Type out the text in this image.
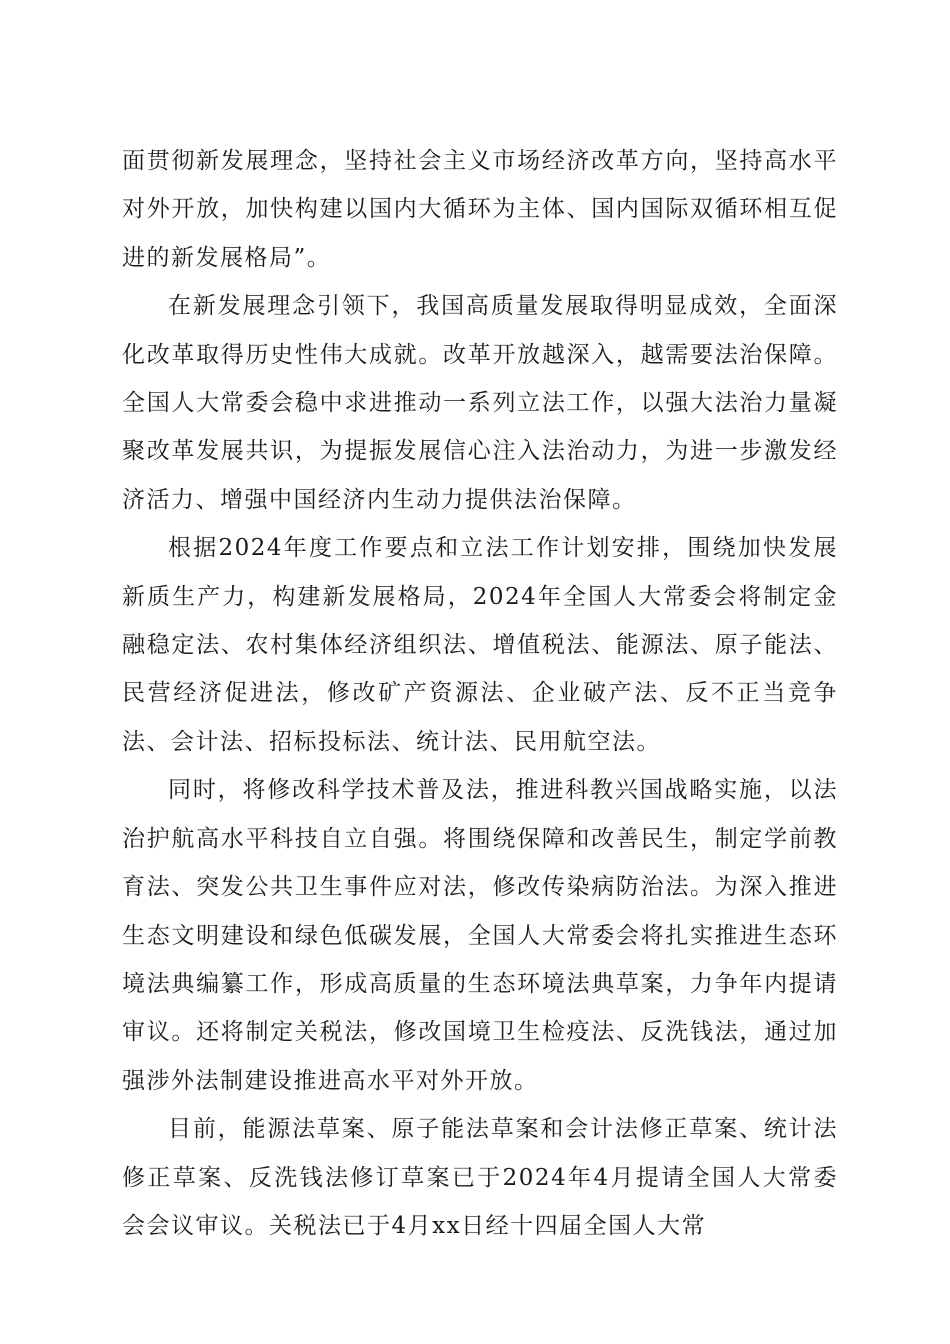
面贯彻新发展理念，坚持社会主义市场经济改革方向，坚持高水平对外开放，加快构建以国内大循环为主体、国内国际双循环相互促进的新发展格局”。

在新发展理念引领下，我国高质量发展取得明显成效，全面深化改革取得历史性伟大成就。改革开放越深入，越需要法治保障。全国人大常委会稳中求进推动一系列立法工作，以强大法治力量凝聚改革发展共识，为提振发展信心注入法治动力，为进一步激发经济活力、增强中国经济内生动力提供法治保障。

根据2024年度工作要点和立法工作计划安排，围绕加快发展新质生产力，构建新发展格局，2024年全国人大常委会将制定金融稳定法、农村集体经济组织法、增值税法、能源法、原子能法、民营经济促进法，修改矿产资源法、企业破产法、反不正当竞争法、会计法、招标投标法、统计法、民用航空法。

同时，将修改科学技术普及法，推进科教兴国战略实施，以法治护航高水平科技自立自强。将围绕保障和改善民生，制定学前教育法、突发公共卫生事件应对法，修改传染病防治法。为深入推进生态文明建设和绿色低碳发展，全国人大常委会将扎实推进生态环境法典编纂工作，形成高质量的生态环境法典草案，力争年内提请审议。还将制定关税法，修改国境卫生检疫法、反洗钱法，通过加强涉外法制建设推进高水平对外开放。

目前，能源法草案、原子能法草案和会计法修正草案、统计法修正草案、反洗钱法修订草案已于2024年4月提请全国人大常委会会议审议。关税法已于4月xx日经十四届全国人大常
